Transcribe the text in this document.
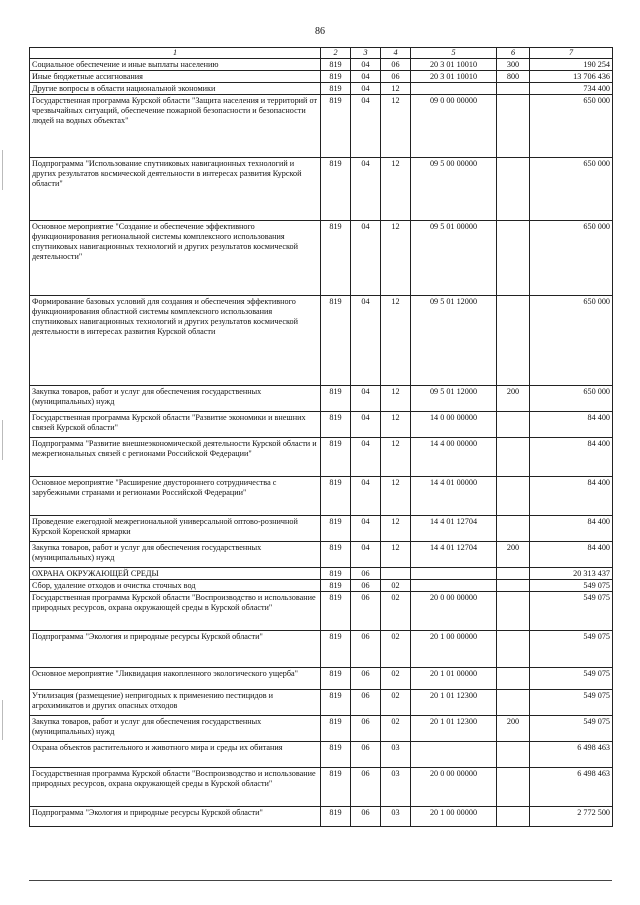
86
1	2	3	4	5	6	7
Социальное обеспечение и иные выплаты населению	819	04	06	20 3 01 10010	300	190 254
Иные бюджетные ассигнования	819	04	06	20 3 01 10010	800	13 706 436
Другие вопросы в области национальной экономики	819	04	12			734 400
Государственная программа Курской области "Защита населения и территорий от чрезвычайных ситуаций, обеспечение пожарной безопасности и безопасности людей на водных объектах"	819	04	12	09 0 00 00000		650 000
Подпрограмма "Использование спутниковых навигационных технологий и других результатов космической деятельности в интересах развития Курской области"	819	04	12	09 5 00 00000		650 000
Основное мероприятие "Создание и обеспечение эффективного функционирования региональной системы комплексного использования спутниковых навигационных технологий и других результатов космической деятельности"	819	04	12	09 5 01 00000		650 000
Формирование базовых условий для создания и обеспечения эффективного функционирования областной системы комплексного использования спутниковых навигационных технологий и других результатов космической деятельности в интересах развития Курской области	819	04	12	09 5 01 12000		650 000
Закупка товаров, работ и услуг для обеспечения государственных (муниципальных) нужд	819	04	12	09 5 01 12000	200	650 000
Государственная программа Курской области "Развитие экономики и внешних связей Курской области"	819	04	12	14 0 00 00000		84 400
Подпрограмма "Развитие внешнеэкономической деятельности Курской области и межрегиональных связей с регионами Российской Федерации"	819	04	12	14 4 00 00000		84 400
Основное мероприятие "Расширение двустороннего сотрудничества с зарубежными странами и регионами Российской Федерации"	819	04	12	14 4 01 00000		84 400
Проведение ежегодной межрегиональной универсальной оптово-розничной Курской Коренской ярмарки	819	04	12	14 4 01 12704		84 400
Закупка товаров, работ и услуг для обеспечения государственных (муниципальных) нужд	819	04	12	14 4 01 12704	200	84 400
ОХРАНА ОКРУЖАЮЩЕЙ СРЕДЫ	819	06				20 313 437
Сбор, удаление отходов и очистка сточных вод	819	06	02			549 075
Государственная программа Курской области "Воспроизводство и использование природных ресурсов, охрана окружающей среды в Курской области"	819	06	02	20 0 00 00000		549 075
Подпрограмма "Экология и природные ресурсы Курской области"	819	06	02	20 1 00 00000		549 075
Основное мероприятие "Ликвидация накопленного экологического ущерба"	819	06	02	20 1 01 00000		549 075
Утилизация (размещение) непригодных к применению пестицидов и агрохимикатов и других опасных отходов	819	06	02	20 1 01 12300		549 075
Закупка товаров, работ и услуг для обеспечения государственных (муниципальных) нужд	819	06	02	20 1 01 12300	200	549 075
Охрана объектов растительного и животного мира и среды их обитания	819	06	03			6 498 463
Государственная программа Курской области "Воспроизводство и использование природных ресурсов, охрана окружающей среды в Курской области"	819	06	03	20 0 00 00000		6 498 463
Подпрограмма "Экология и природные ресурсы Курской области"	819	06	03	20 1 00 00000		2 772 500
